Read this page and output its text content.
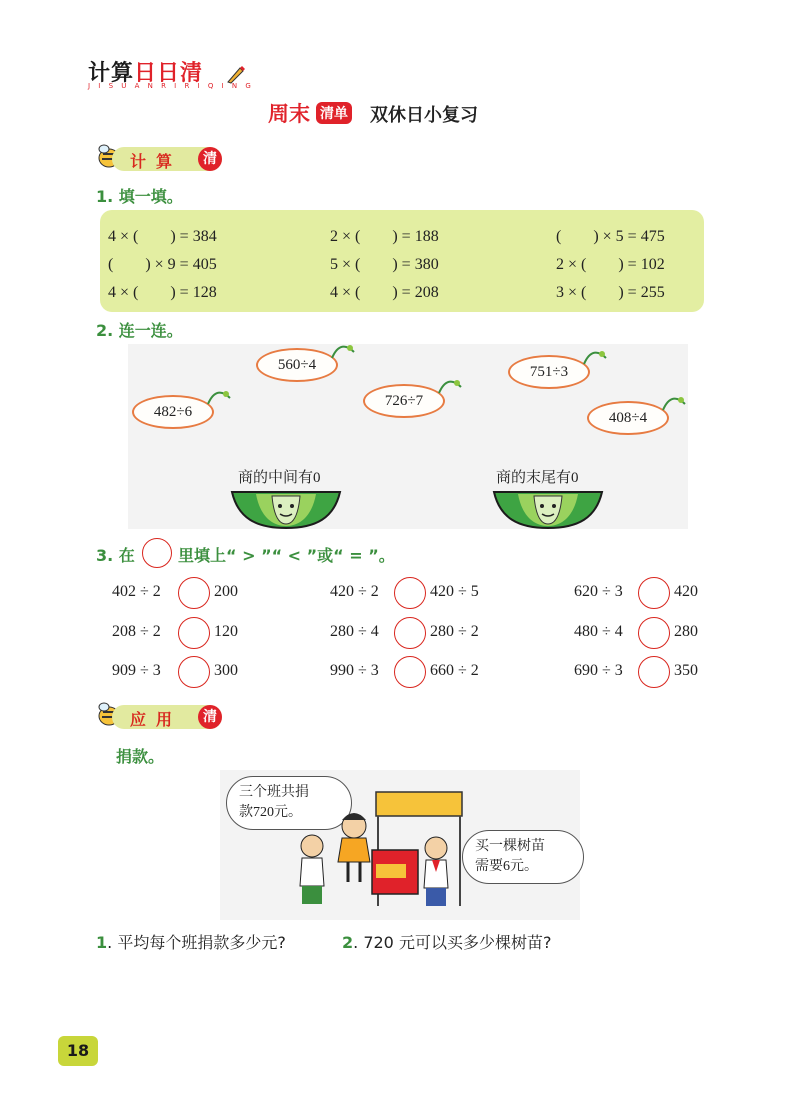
计算日日清
J I S U A N R I R I Q I N G
周末 清单 双休日小复习
计算	清
1. 填一填。
4 × (        ) = 384	2 × (        ) = 188	(        ) × 5 = 475
(        ) × 9 = 405	5 × (        ) = 380	2 × (        ) = 102
4 × (        ) = 128	4 × (        ) = 208	3 × (        ) = 255
2. 连一连。
560÷4
482÷6
726÷7
751÷3
408÷4
商的中间有0	商的末尾有0
3. 在	里填上“ > ”“ < ”或“ = ”。
402 ÷ 2	200	420 ÷ 2	420 ÷ 5	620 ÷ 3	420
208 ÷ 2	120	280 ÷ 4	280 ÷ 2	480 ÷ 4	280
909 ÷ 3	300	990 ÷ 3	660 ÷ 2	690 ÷ 3	350
应用	清
捐款。
三个班共捐
款720元。
买一棵树苗
需要6元。
1. 平均每个班捐款多少元?	2. 720 元可以买多少棵树苗?
18
